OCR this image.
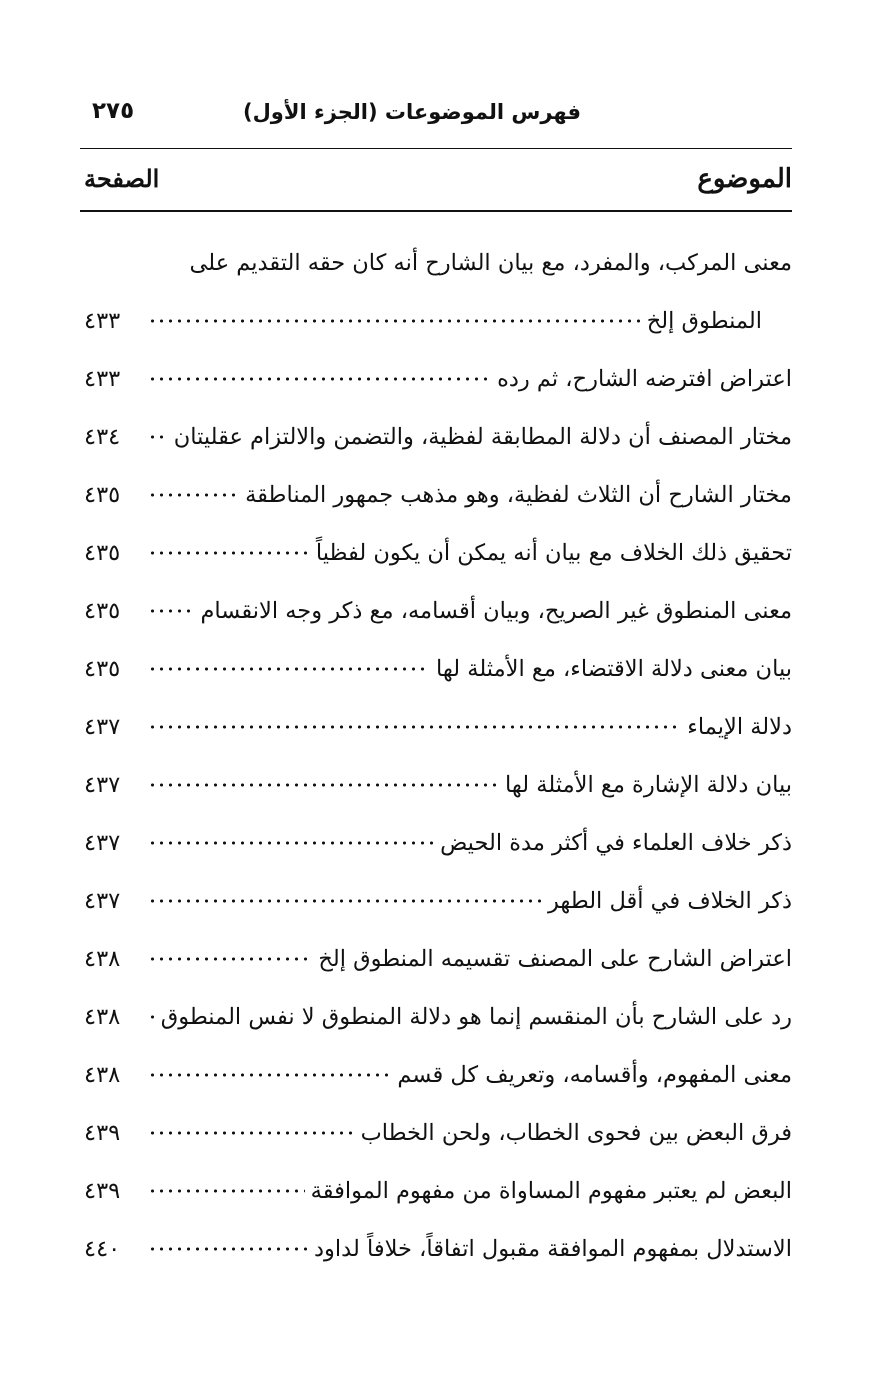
فهرس الموضوعات (الجزء الأول)
٢٧٥
الموضوع
الصفحة
معنى المركب، والمفرد، مع بيان الشارح أنه كان حقه التقديم على
المنطوق إلخ
٤٣٣
اعتراض افترضه الشارح، ثم رده
٤٣٣
مختار المصنف أن دلالة المطابقة لفظية، والتضمن والالتزام عقليتان
٤٣٤
مختار الشارح أن الثلاث لفظية، وهو مذهب جمهور المناطقة
٤٣٥
تحقيق ذلك الخلاف مع بيان أنه يمكن أن يكون لفظياً
٤٣٥
معنى المنطوق غير الصريح، وبيان أقسامه، مع ذكر وجه الانقسام
٤٣٥
بيان معنى دلالة الاقتضاء، مع الأمثلة لها
٤٣٥
دلالة الإيماء
٤٣٧
بيان دلالة الإشارة مع الأمثلة لها
٤٣٧
ذكر خلاف العلماء في أكثر مدة الحيض
٤٣٧
ذكر الخلاف في أقل الطهر
٤٣٧
اعتراض الشارح على المصنف تقسيمه المنطوق إلخ
٤٣٨
رد على الشارح بأن المنقسم إنما هو دلالة المنطوق لا نفس المنطوق
٤٣٨
معنى المفهوم، وأقسامه، وتعريف كل قسم
٤٣٨
فرق البعض بين فحوى الخطاب، ولحن الخطاب
٤٣٩
البعض لم يعتبر مفهوم المساواة من مفهوم الموافقة
٤٣٩
الاستدلال بمفهوم الموافقة مقبول اتفاقاً، خلافاً لداود
٤٤٠
